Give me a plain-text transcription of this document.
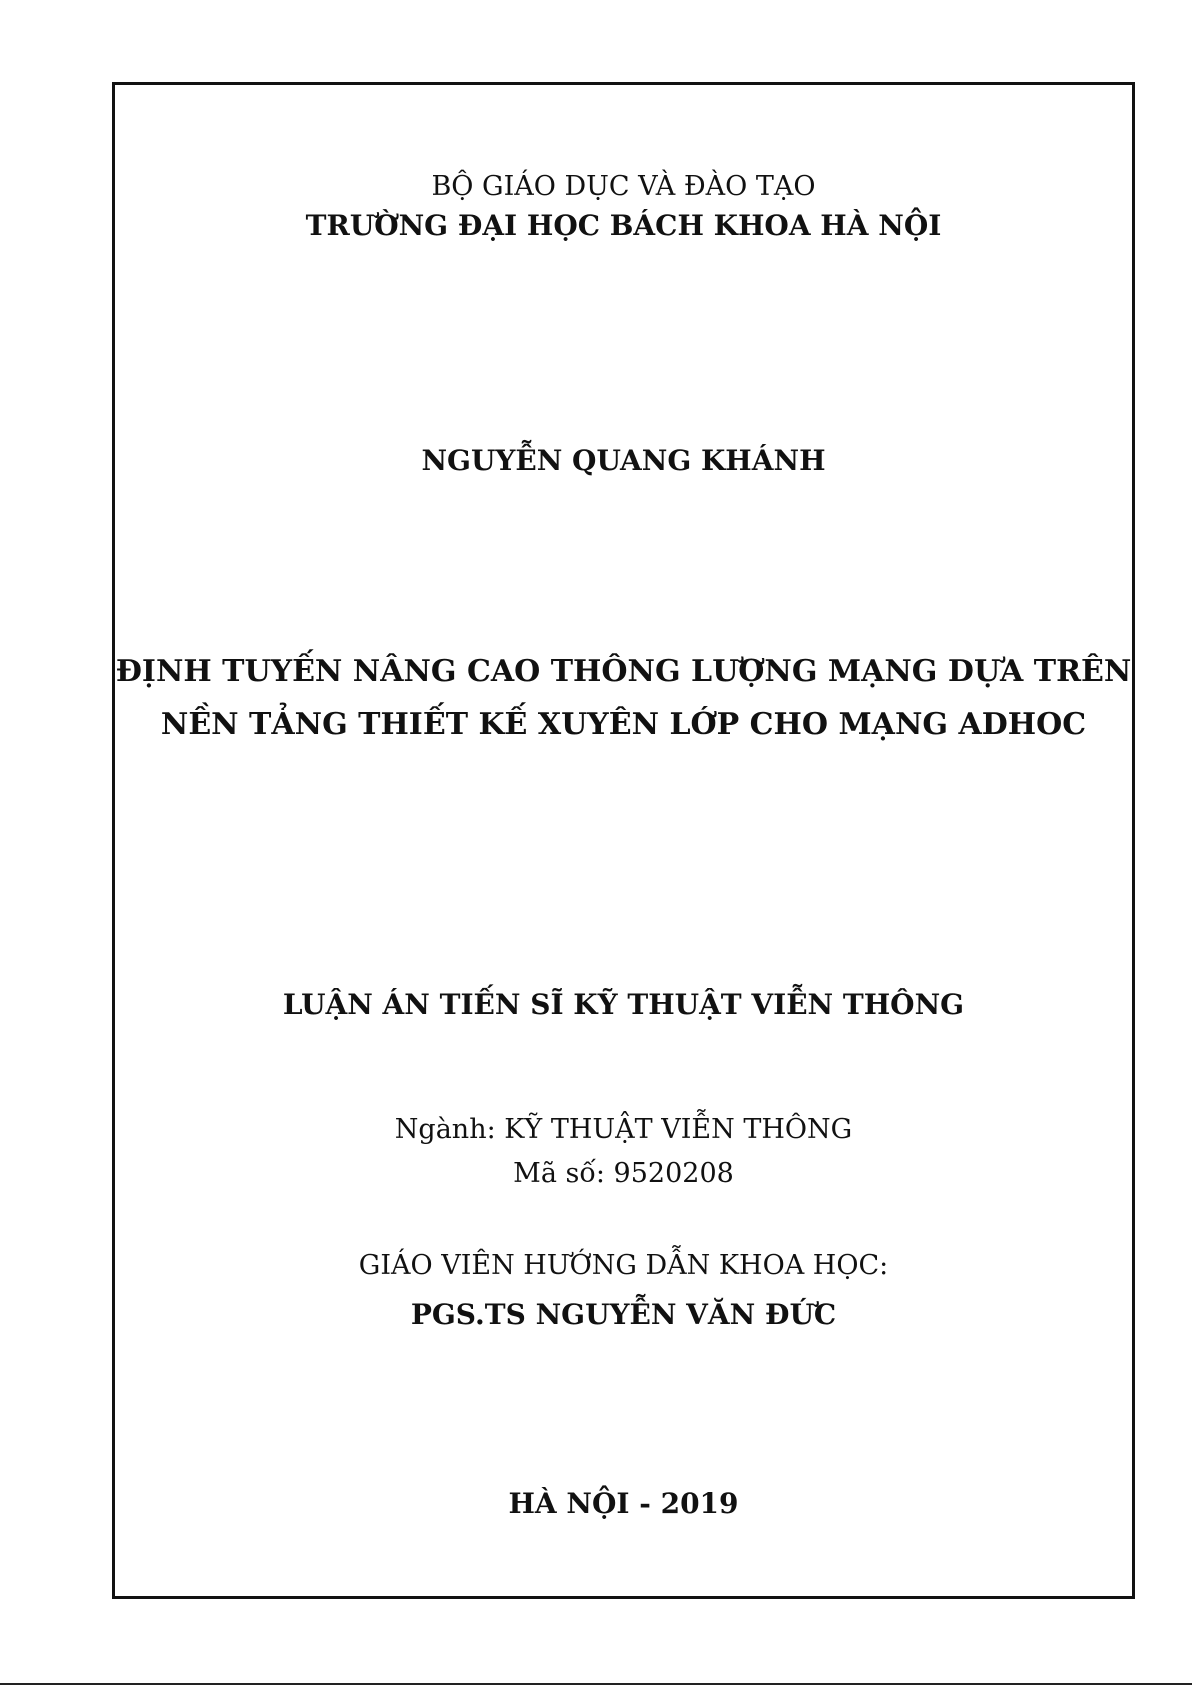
BỘ GIÁO DỤC VÀ ĐÀO TẠO
TRƯỜNG ĐẠI HỌC BÁCH KHOA HÀ NỘI
NGUYỄN QUANG KHÁNH
ĐỊNH TUYẾN NÂNG CAO THÔNG LƯỢNG MẠNG DỰA TRÊN
NỀN TẢNG THIẾT KẾ XUYÊN LỚP CHO MẠNG ADHOC
LUẬN ÁN TIẾN SĨ KỸ THUẬT VIỄN THÔNG
Ngành: KỸ THUẬT VIỄN THÔNG
Mã số: 9520208
GIÁO VIÊN HƯỚNG DẪN KHOA HỌC:
PGS.TS NGUYỄN VĂN ĐỨC
HÀ NỘI - 2019
